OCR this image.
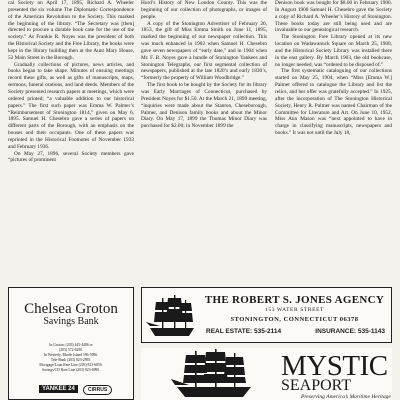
cal Society on April 17, 1895, Richard A. Wheeler presented the six volume The Diplomatic Correspondence of the American Revolution to the Society. This marked the beginning of the library. “The Secretary was [then] directed to procure a durable book case for the use of the society.” As Frankie R. Noyes was the president of both the Historical Society and the Free Library, the books were kept in the library building then at the Aunt Mary House, 52 Main Street in the Borough.

Gradually collections of pictures, news articles, and books began to take shape. Minutes of ensuing meetings record these gifts, as well as gifts of manuscripts, maps, sermons, funeral orations, and land deeds. Members of the Society presented research papers at meetings, which were ordered printed; “a valuable addition to our historical papers.” The first such paper was Emma W. Palmer’s “Reimbursement of Stonington 1814,” given on May 6, 1895. Samuel H. Chesebro gave a series of papers on different parts of the Borough, with an emphasis on the houses and their occupants. One of these papers was reprinted in the Historical Footnotes of November 1933 and February 1936.

On May 27, 1896, several Society members gave “pictures of prominent

Hurd’s History of New London County. This was the beginning of our collection of photographs, or images of people.

A copy of the Stonington Advertiser of February 26, 1853, the gift of Miss Emma Smith on June 11, 1895, marked the beginning of our newspaper collection. This was much enhanced in 1902 when Samuel H. Chesebro gave seven newspapers of “early date,” and in 1904 when Mr. F. B. Noyes gave a bundle of Stonington Yankees and Stonington Telegraphs, our first segmental collection of newspapers, published at the late 1820’s and early 1830’s, “formerly the property of William Woodbridge.”

The first book to be bought by the Society for its library was Early Marriages of Connecticut, purchased by President Noyes for $1.50. At the March 21, 1899 meeting, “inquiries were made about the Stanton, Cheseborough, Palmer, and Denison family books and about the Minor Diary. On May 17, 1899 the Thomas Minor Diary was purchased for $2.00; in November 1899 the

Denison book was bought for $8.00 in February 1900. In August 1900 Samuel H. Chesebro gave the Society a copy of Richard A. Wheeler’s History of Stonington. These books today are still being used and are invaluable to our genealogical research.

The Stonington Free Library opened at its new location on Wadawanuck Square on March 25, 1900, and the Historical Society Library was installed there in the east gallery. By March 1903, the old bookcase, no longer needed, was “ordered to be disposed of.”

The first systematic cataloguing of our collections started on May 25, 1904, when “Miss [Emma W.] Palmer offered to catalogue the Library and list the relics, and her offer was gratefully accepted.” In 1925, after the incorporation of The Stonington Historical Society, Henry R. Palmer was named Chairman of the Committee for Literature and Art. On June 10, 1952, Miss Ann Mason was “next appointed to have in charge in classifying manuscripts, newspapers and books.” It was not until the July 18,

Chelsea Groton
Savings Bank
In Groton: (203) 445-4486 or
(203) 572-6290.
In Westerly, Rhode Island 596-5996.
Tele-Bank (203) 823-2895.
Mortgage/Loan Rate Line (203) 823-6856.
Savings/CD Rate Line (203) 823-6990.
YANKEE 24	CIRRUS
THE ROBERT S. JONES AGENCY
153 WATER STREET
STONINGTON, CONNECTICUT 06378
REAL ESTATE: 535-2114	INSURANCE: 535-1143
MYSTIC
SEAPORT
Preserving America’s Maritime Heritage
